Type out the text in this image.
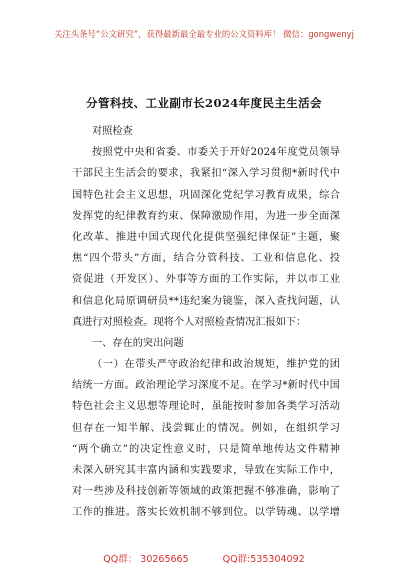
关注头条号“公文研究”，获得最新最全最专业的公文资料库！ 微信：gongwenyj
分管科技、工业副市长2024年度民主生活会
对照检查
按照党中央和省委、市委关于开好2024年度党员领导
干部民主生活会的要求，我紧扣“深入学习贯彻*新时代中
国特色社会主义思想，巩固深化党纪学习教育成果，综合
发挥党的纪律教育约束、保障激励作用，为进一步全面深
化改革、推进中国式现代化提供坚强纪律保证”主题，聚
焦“四个带头”方面，结合分管科技、工业和信息化、投
资促进（开发区）、外事等方面的工作实际，并以市工业
和信息化局原调研员**违纪案为镜鉴，深入查找问题，认
真进行对照检查。现将个人对照检查情况汇报如下：
一、存在的突出问题
（一）在带头严守政治纪律和政治规矩，维护党的团
结统一方面。政治理论学习深度不足。在学习*新时代中国
特色社会主义思想等理论时，虽能按时参加各类学习活动
但存在一知半解、浅尝辄止的情况。例如，在组织学习
“两个确立”的决定性意义时，只是简单地传达文件精神
未深入研究其丰富内涵和实践要求，导致在实际工作中，
对一些涉及科技创新等领域的政策把握不够准确，影响了
工作的推进。落实长效机制不够到位。以学铸魂、以学增
QQ群： 30265665	QQ群:535304092
